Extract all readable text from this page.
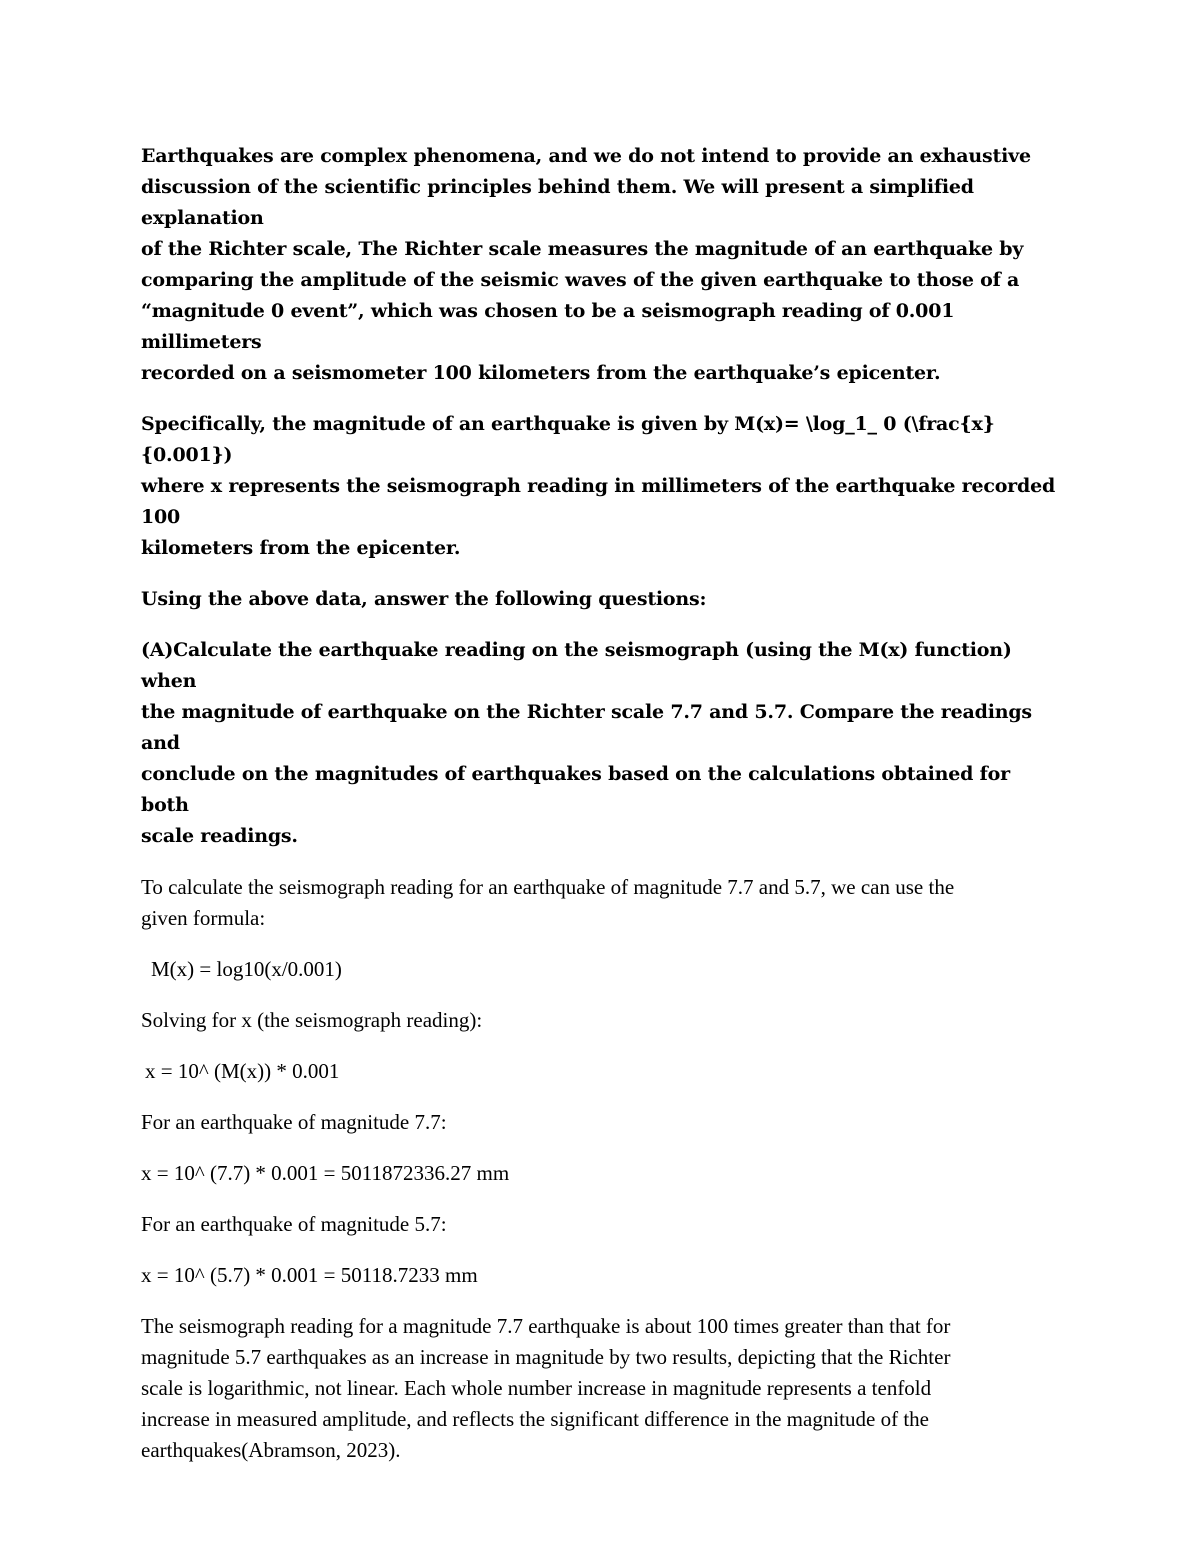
Earthquakes are complex phenomena, and we do not intend to provide an exhaustive
discussion of the scientific principles behind them. We will present a simplified explanation
of the Richter scale, The Richter scale measures the magnitude of an earthquake by
comparing the amplitude of the seismic waves of the given earthquake to those of a
“magnitude 0 event”, which was chosen to be a seismograph reading of 0.001 millimeters
recorded on a seismometer 100 kilometers from the earthquake’s epicenter.

Specifically, the magnitude of an earthquake is given by M(x)= \log_1_ 0 (\frac{x}{0.001})
where x represents the seismograph reading in millimeters of the earthquake recorded 100
kilometers from the epicenter.

Using the above data, answer the following questions:

(A)Calculate the earthquake reading on the seismograph (using the M(x) function) when
the magnitude of earthquake on the Richter scale 7.7 and 5.7. Compare the readings and
conclude on the magnitudes of earthquakes based on the calculations obtained for both
scale readings.

To calculate the seismograph reading for an earthquake of magnitude 7.7 and 5.7, we can use the
given formula:

M(x) = log10(x/0.001)

Solving for x (the seismograph reading):

x = 10^ (M(x)) * 0.001

For an earthquake of magnitude 7.7:

x = 10^ (7.7) * 0.001 = 5011872336.27 mm

For an earthquake of magnitude 5.7:

x = 10^ (5.7) * 0.001 = 50118.7233 mm

The seismograph reading for a magnitude 7.7 earthquake is about 100 times greater than that for
magnitude 5.7 earthquakes as an increase in magnitude by two results, depicting that the Richter
scale is logarithmic, not linear. Each whole number increase in magnitude represents a tenfold
increase in measured amplitude, and reflects the significant difference in the magnitude of the
earthquakes(Abramson, 2023).
